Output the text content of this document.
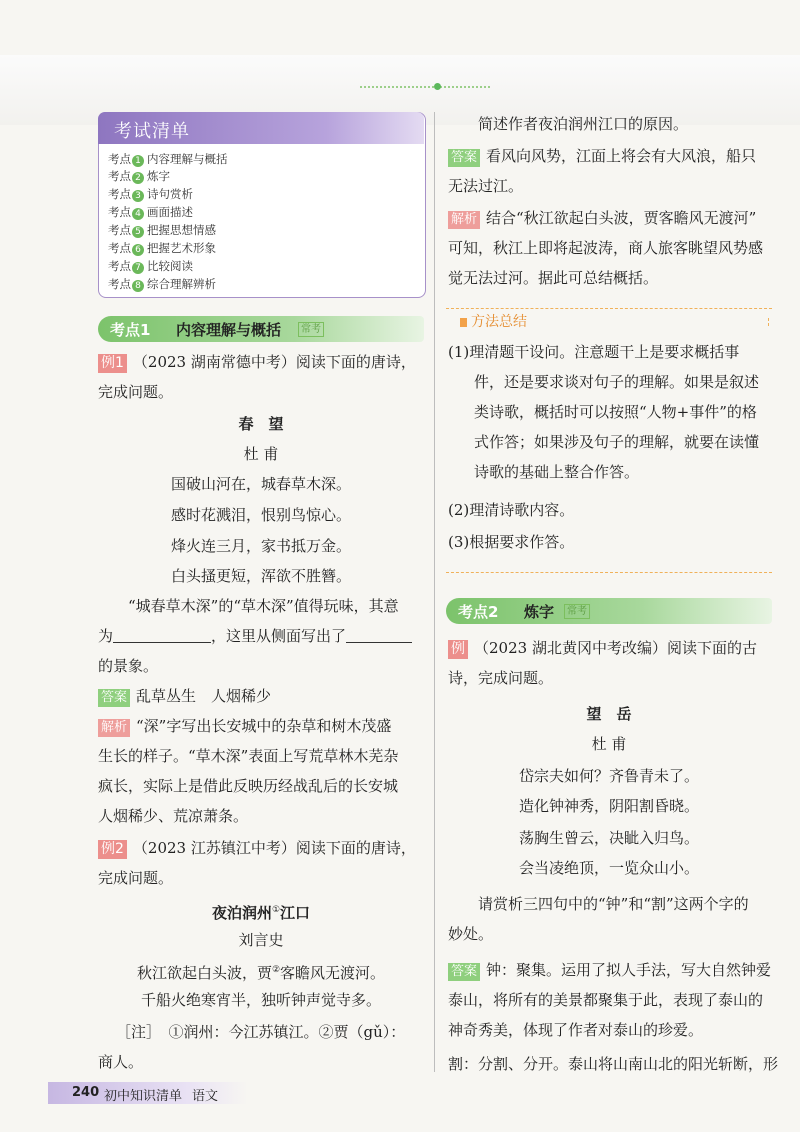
考试清单
考点 1 内容理解与概括
考点 2 炼字
考点 3 诗句赏析
考点 4 画面描述
考点 5 把握思想情感
考点 6 把握艺术形象
考点 7 比较阅读
考点 8 综合理解辨析
考点1 内容理解与概括	常考
例1 （2023 湖南常德中考）阅读下面的唐诗，
完成问题。
春　望
杜 甫
国破山河在，城春草木深。
感时花溅泪，恨别鸟惊心。
烽火连三月，家书抵万金。
白头搔更短，浑欲不胜簪。
“城春草木深”的“草木深”值得玩味，其意
为	，这里从侧面写出了
的景象。
答案 乱草丛生　人烟稀少
解析 “深”字写出长安城中的杂草和树木茂盛
生长的样子。“草木深”表面上写荒草林木芜杂
疯长，实际上是借此反映历经战乱后的长安城
人烟稀少、荒凉萧条。
例2 （2023 江苏镇江中考）阅读下面的唐诗，
完成问题。
夜泊润州①江口
刘言史
秋江欲起白头波，贾②客瞻风无渡河。
千船火绝寒宵半，独听钟声觉寺多。
［注］　①润州：今江苏镇江。②贾（gǔ）：
商人。
240 初中知识清单 语文
简述作者夜泊润州江口的原因。
答案 看风向风势，江面上将会有大风浪，船只
无法过江。
解析 结合“秋江欲起白头波，贾客瞻风无渡河”
可知，秋江上即将起波涛，商人旅客眺望风势感
觉无法过河。据此可总结概括。
方法总结
(1)理清题干设问。注意题干上是要求概括事
件，还是要求谈对句子的理解。如果是叙述
类诗歌，概括时可以按照“人物+事件”的格
式作答；如果涉及句子的理解，就要在读懂
诗歌的基础上整合作答。
(2)理清诗歌内容。
(3)根据要求作答。
考点2 炼字	常考
例 （2023 湖北黄冈中考改编）阅读下面的古
诗，完成问题。
望　岳
杜 甫
岱宗夫如何？齐鲁青未了。
造化钟神秀，阴阳割昏晓。
荡胸生曾云，决眦入归鸟。
会当凌绝顶，一览众山小。
请赏析三四句中的“钟”和“割”这两个字的
妙处。
答案 钟：聚集。运用了拟人手法，写大自然钟爱
泰山，将所有的美景都聚集于此，表现了泰山的
神奇秀美，体现了作者对泰山的珍爱。
割：分割、分开。泰山将山南山北的阳光斩断，形
